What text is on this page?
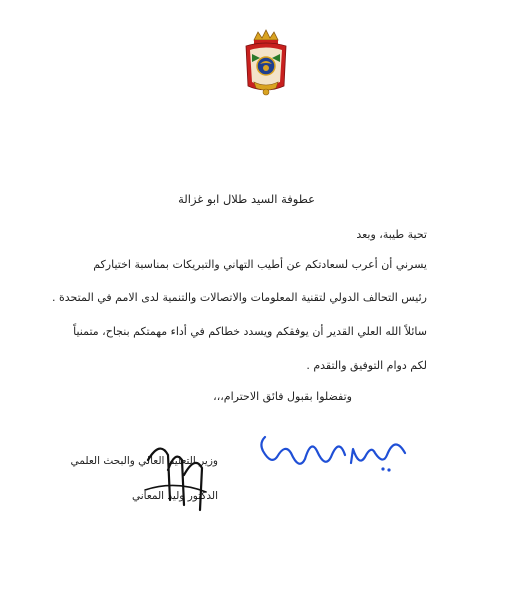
عطوفة السيد طلال ابو غزالة
تحية طيبة، وبعد
يسرني أن أعرب لسعادتكم عن أطيب التهاني والتبريكات بمناسبة اختياركم
رئيس التحالف الدولي لتقنية المعلومات والاتصالات والتنمية لدى الامم في المتحدة .
سائلاً الله العلي القدير أن يوفقكم ويسدد خطاكم في أداء مهمتكم بنجاح، متمنياً
لكم دوام التوفيق والتقدم .
وتفضلوا بقبول فائق الاحترام،،،
وزير التعليم العالي والبحث العلمي
الدكتور وليد المعاني
